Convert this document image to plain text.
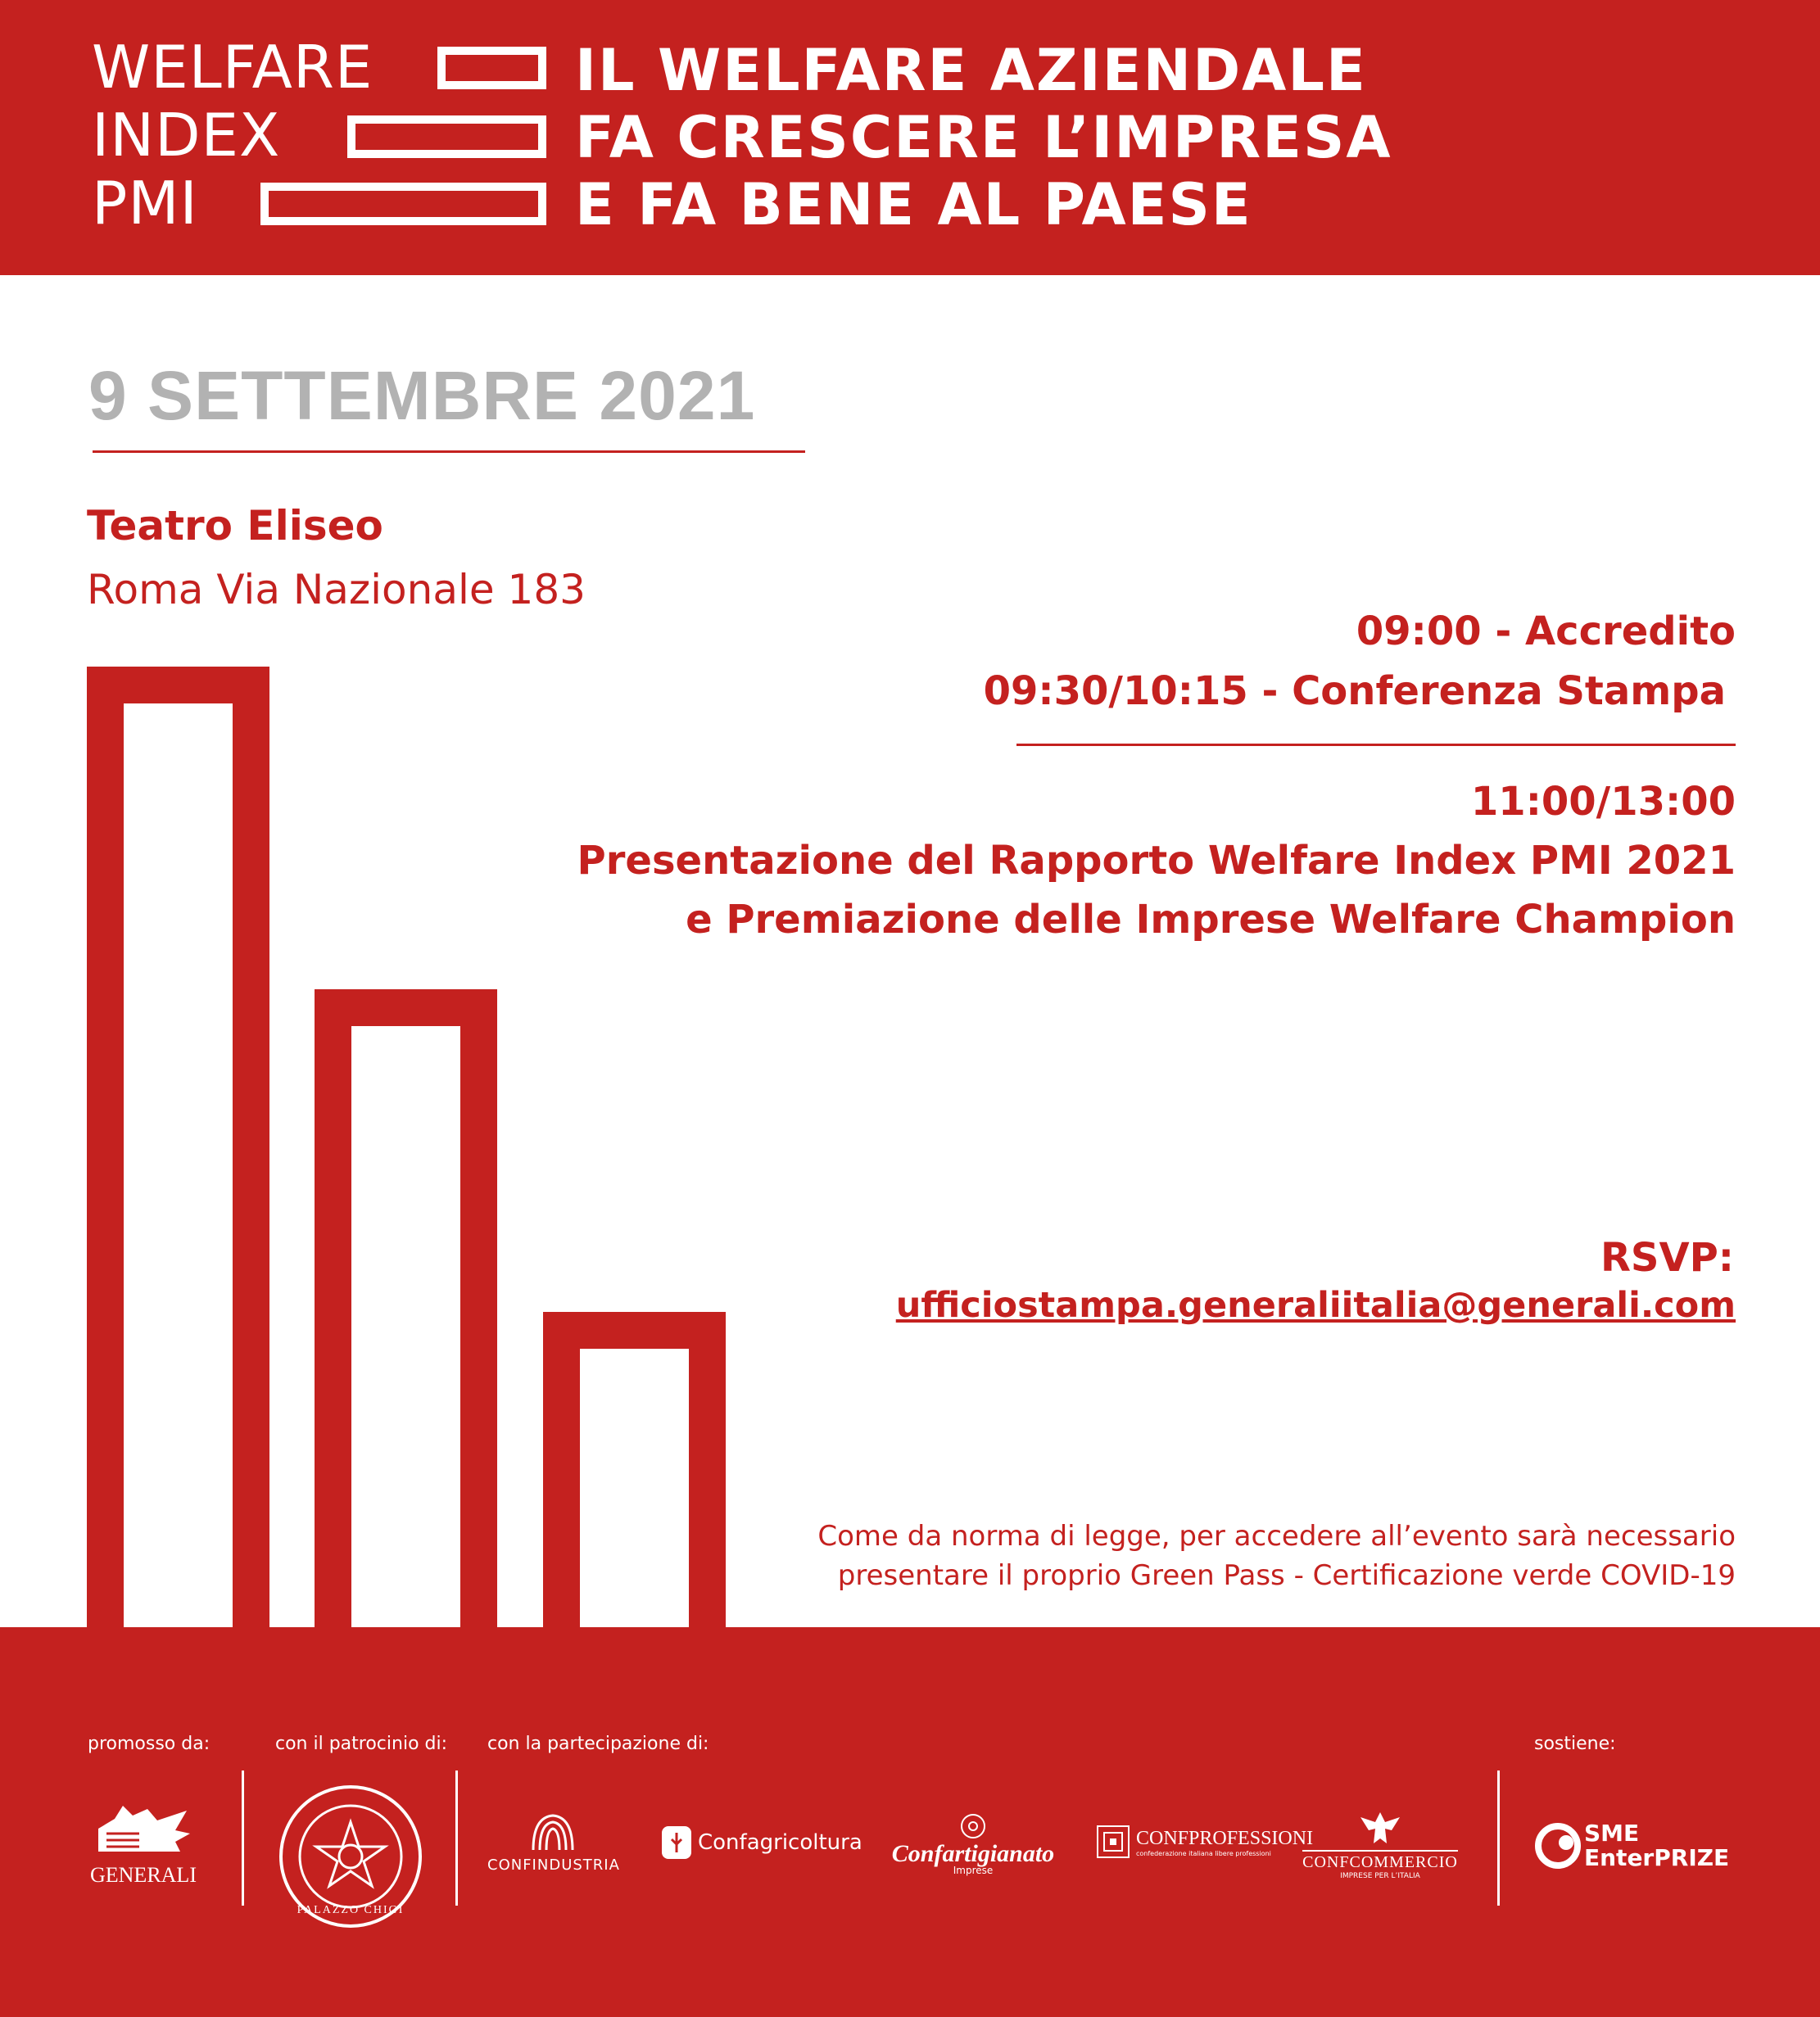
WELFARE
INDEX
PMI
IL WELFARE AZIENDALE
FA CRESCERE L’IMPRESA
E FA BENE AL PAESE
9 SETTEMBRE 2021
Teatro Eliseo
Roma Via Nazionale 183
09:00 - Accredito
09:30/10:15 - Conferenza Stampa
11:00/13:00
Presentazione del Rapporto Welfare Index PMI 2021
e Premiazione delle Imprese Welfare Champion
RSVP:
ufficiostampa.generaliitalia@generali.com
Come da norma di legge, per accedere all’evento sarà necessario
presentare il proprio Green Pass - Certificazione verde COVID-19
promosso da:	con il patrocinio di: con la partecipazione di:	sostiene:
GENERALI
PALAZZO CHIGI
CONFINDUSTRIA
Confagricoltura Confartigianato
Imprese
CONFPROFESSIONI
confederazione italiana libere professioni	CONFCOMMERCIO
IMPRESE PER L’ITALIA
SME
EnterPRIZE
